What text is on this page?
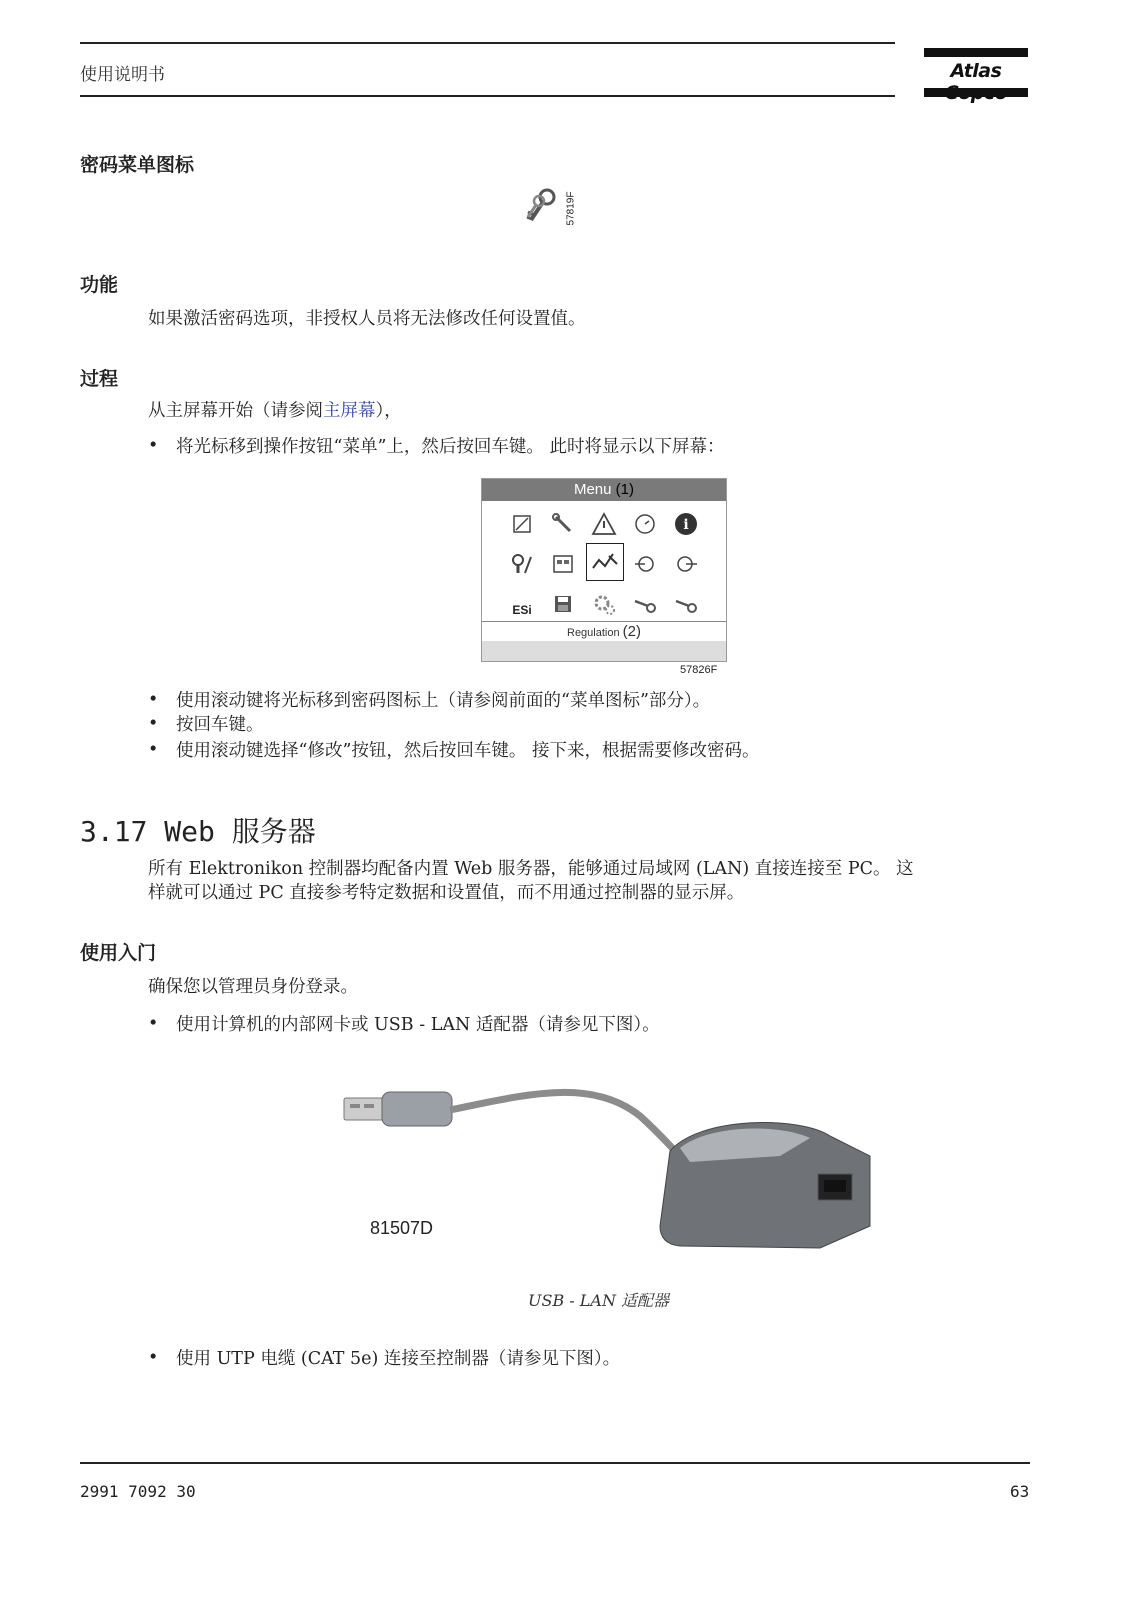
使用说明书	Atlas
密码菜单图标
57819F
功能
如果激活密码选项，非授权人员将无法修改任何设置值。
过程
从主屏幕开始（请参阅主屏幕），
• 将光标移到操作按钮“菜单”上，然后按回车键。 此时将显示以下屏幕：
Menu (1)
i
ESi
Regulation (2)
57826F
• 使用滚动键将光标移到密码图标上（请参阅前面的“菜单图标”部分）。
• 按回车键。
• 使用滚动键选择“修改”按钮，然后按回车键。 接下来，根据需要修改密码。
3.17 Web 服务器
所有 Elektronikon 控制器均配备内置 Web 服务器，能够通过局域网 (LAN) 直接连接至 PC。 这
样就可以通过 PC 直接参考特定数据和设置值，而不用通过控制器的显示屏。
使用入门
确保您以管理员身份登录。
• 使用计算机的内部网卡或 USB - LAN 适配器（请参见下图）。
81507D
USB - LAN 适配器
• 使用 UTP 电缆 (CAT 5e) 连接至控制器（请参见下图）。
2991 7092 30	63
